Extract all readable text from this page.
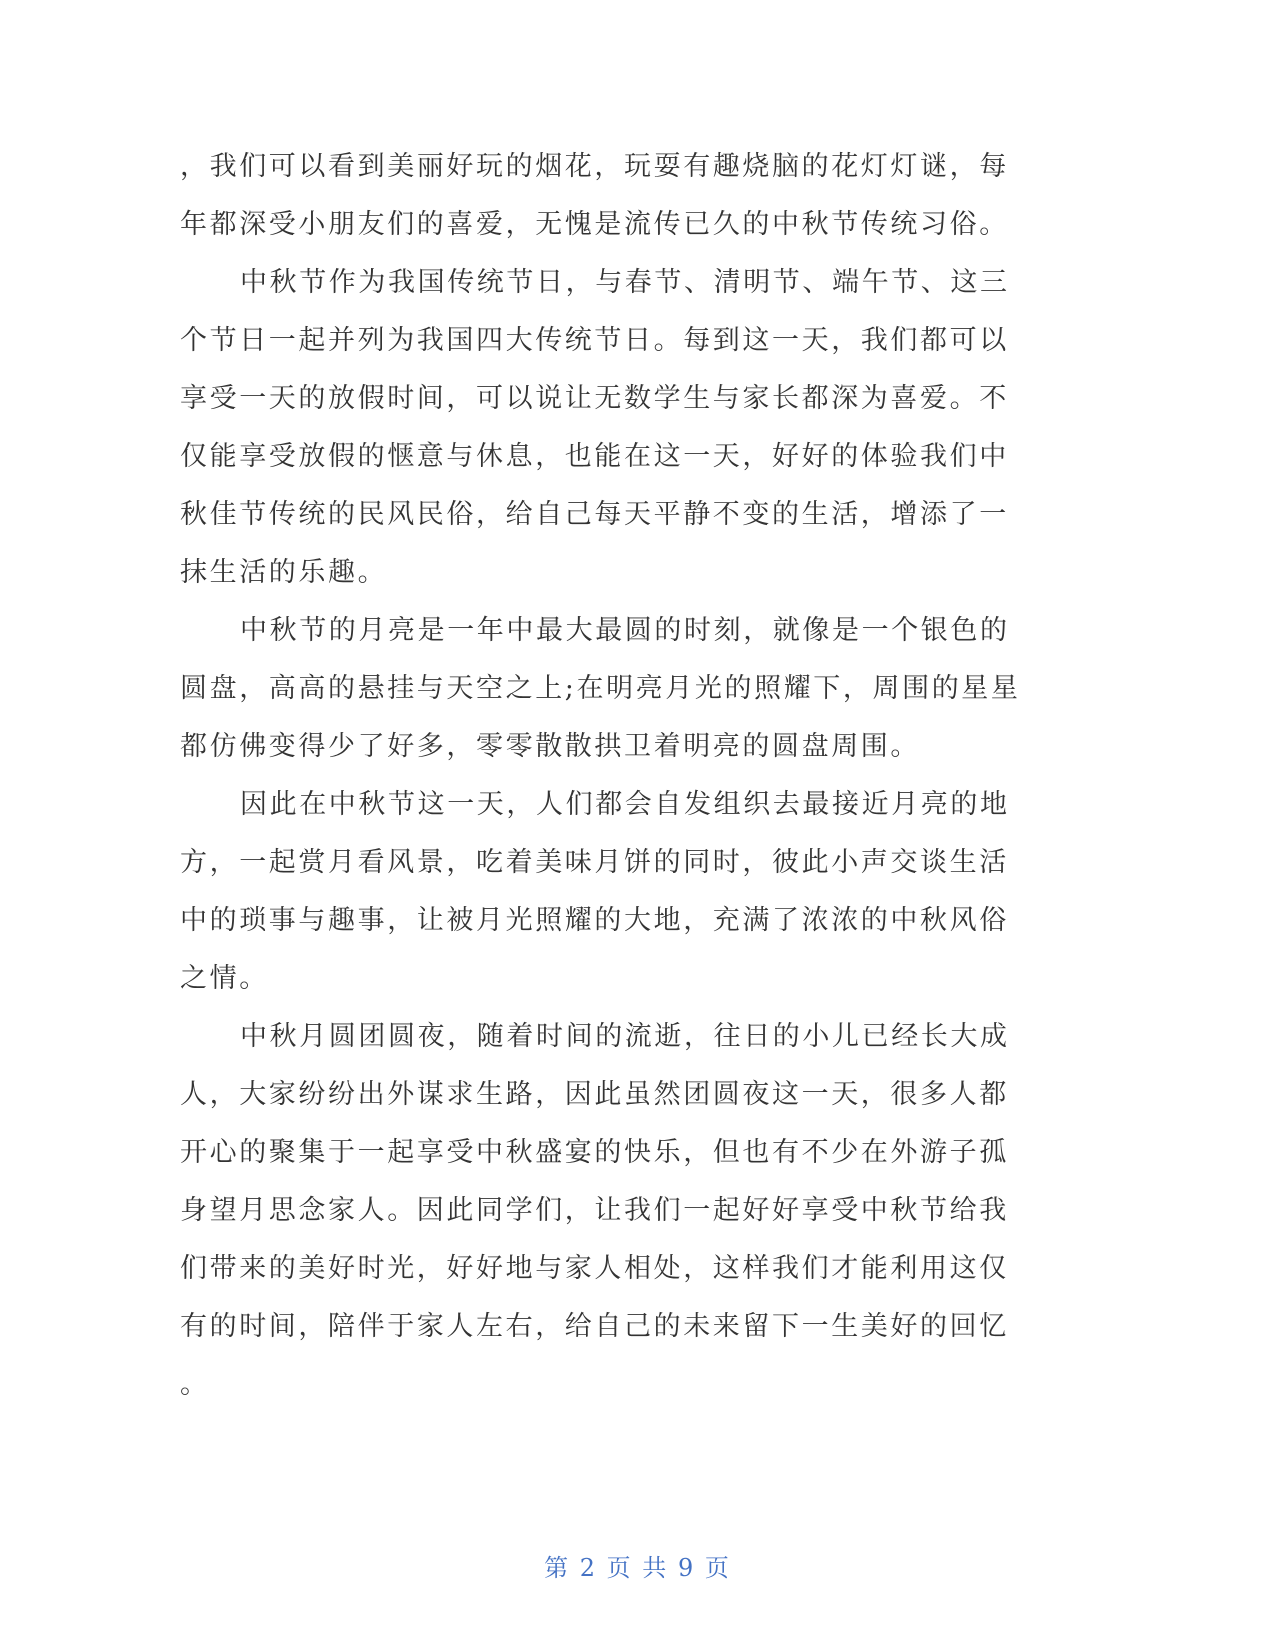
，我们可以看到美丽好玩的烟花，玩耍有趣烧脑的花灯灯谜，每
年都深受小朋友们的喜爱，无愧是流传已久的中秋节传统习俗。
中秋节作为我国传统节日，与春节、清明节、端午节、这三
个节日一起并列为我国四大传统节日。每到这一天，我们都可以
享受一天的放假时间，可以说让无数学生与家长都深为喜爱。不
仅能享受放假的惬意与休息，也能在这一天，好好的体验我们中
秋佳节传统的民风民俗，给自己每天平静不变的生活，增添了一
抹生活的乐趣。
中秋节的月亮是一年中最大最圆的时刻，就像是一个银色的
圆盘，高高的悬挂与天空之上;在明亮月光的照耀下，周围的星星
都仿佛变得少了好多，零零散散拱卫着明亮的圆盘周围。
因此在中秋节这一天，人们都会自发组织去最接近月亮的地
方，一起赏月看风景，吃着美味月饼的同时，彼此小声交谈生活
中的琐事与趣事，让被月光照耀的大地，充满了浓浓的中秋风俗
之情。
中秋月圆团圆夜，随着时间的流逝，往日的小儿已经长大成
人，大家纷纷出外谋求生路，因此虽然团圆夜这一天，很多人都
开心的聚集于一起享受中秋盛宴的快乐，但也有不少在外游子孤
身望月思念家人。因此同学们，让我们一起好好享受中秋节给我
们带来的美好时光，好好地与家人相处，这样我们才能利用这仅
有的时间，陪伴于家人左右，给自己的未来留下一生美好的回忆
。
第 2 页 共 9 页
